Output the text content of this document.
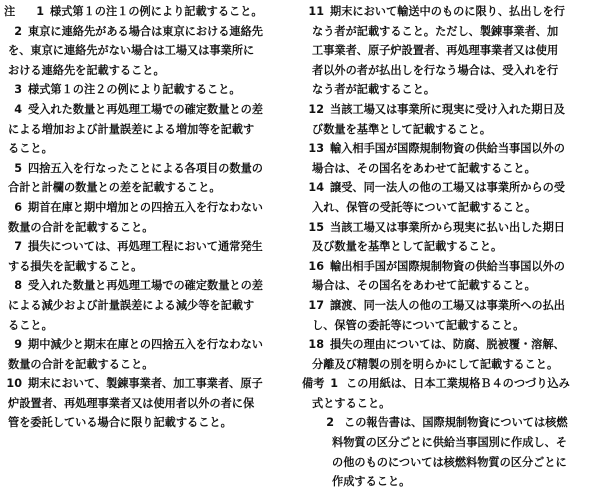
注 1 様式第１の注１の例により記載すること。
2 東京に連絡先がある場合は東京における連絡先
を、東京に連絡先がない場合は工場又は事業所に
おける連絡先を記載すること。
3 様式第１の注２の例により記載すること。
4 受入れた数量と再処理工場での確定数量との差
による増加および計量誤差による増加等を記載す
ること。
5 四捨五入を行なったことによる各項目の数量の
合計と計欄の数量との差を記載すること。
6 期首在庫と期中増加との四捨五入を行なわない
数量の合計を記載すること。
7 損失については、再処理工程において通常発生
する損失を記載すること。
8 受入れた数量と再処理工場での確定数量との差
による減少および計量誤差による減少等を記載す
ること。
9 期中減少と期末在庫との四捨五入を行なわない
数量の合計を記載すること。
10 期末において、製錬事業者、加工事業者、原子
炉設置者、再処理事業者又は使用者以外の者に保
管を委託している場合に限り記載すること。
11 期末において輸送中のものに限り、払出しを行
なう者が記載すること。ただし、製錬事業者、加
工事業者、原子炉設置者、再処理事業者又は使用
者以外の者が払出しを行なう場合は、受入れを行
なう者が記載すること。
12 当該工場又は事業所に現実に受け入れた期日及
び数量を基準として記載すること。
13 輸入相手国が国際規制物資の供給当事国以外の
場合は、その国名をあわせて記載すること。
14 譲受、同一法人の他の工場又は事業所からの受
入れ、保管の受託等について記載すること。
15 当該工場又は事業所から現実に払い出した期日
及び数量を基準として記載すること。
16 輸出相手国が国際規制物資の供給当事国以外の
場合は、その国名をあわせて記載すること。
17 譲渡、同一法人の他の工場又は事業所への払出
し、保管の委託等について記載すること。
18 損失の理由については、防腐、脱被覆・溶解、
分離及び精製の別を明らかにして記載すること。
備考 1 この用紙は、日本工業規格Ｂ４のつづり込み
式とすること。
2 この報告書は、国際規制物資については核燃
料物質の区分ごとに供給当事国別に作成し、そ
の他のものについては核燃料物質の区分ごとに
作成すること。
